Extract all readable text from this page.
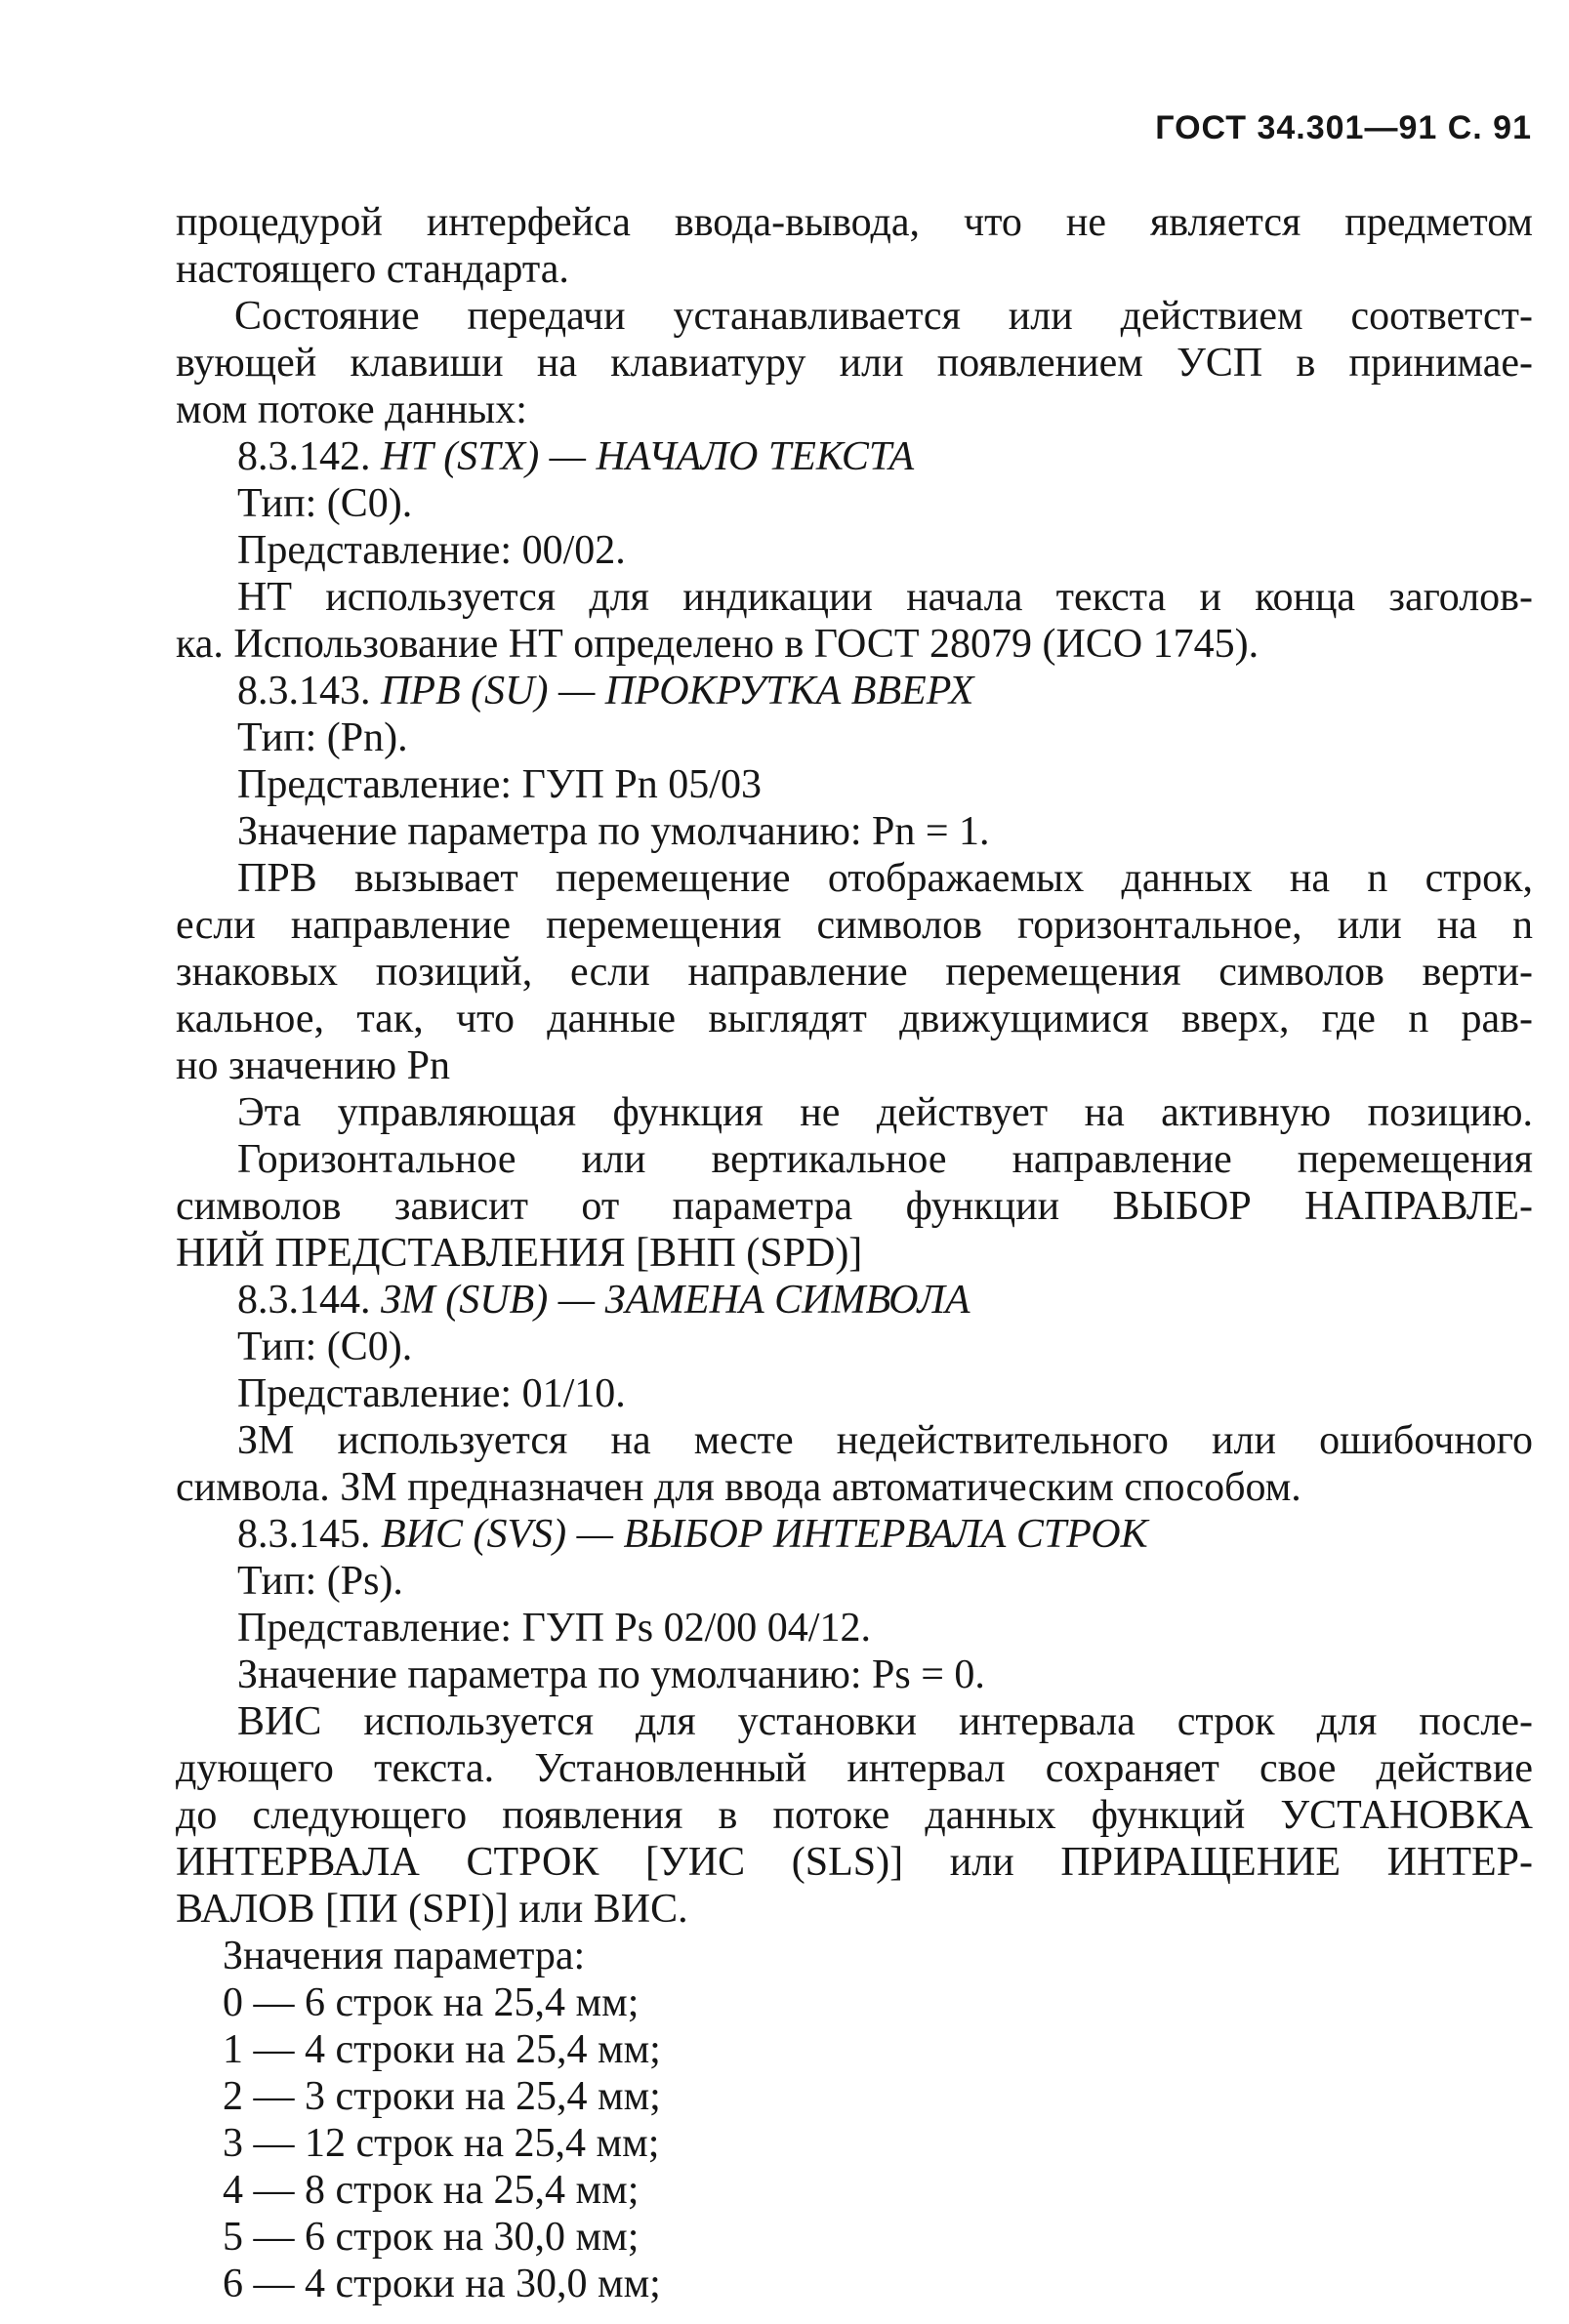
ГОСТ 34.301—91 С. 91
процедурой интерфейса ввода-вывода, что не является предметом
настоящего стандарта.
Состояние передачи устанавливается или действием соответст-
вующей клавиши на клавиатуру или появлением УСП в принимае-
мом потоке данных:
8.3.142. НТ (STX) — НАЧАЛО ТЕКСТА
Тип: (С0).
Представление: 00/02.
НТ используется для индикации начала текста и конца заголов-
ка. Использование НТ определено в ГОСТ 28079 (ИСО 1745).
8.3.143. ПРВ (SU) — ПРОКРУТКА ВВЕРХ
Тип: (Pn).
Представление: ГУП Pn 05/03
Значение параметра по умолчанию: Pn = 1.
ПРВ вызывает перемещение отображаемых данных на n строк,
если направление перемещения символов горизонтальное, или на n
знаковых позиций, если направление перемещения символов верти-
кальное, так, что данные выглядят движущимися вверх, где n рав-
но значению Pn
Эта управляющая функция не действует на активную позицию.
Горизонтальное или вертикальное направление перемещения
символов зависит от параметра функции ВЫБОР НАПРАВЛЕ-
НИЙ ПРЕДСТАВЛЕНИЯ [ВНП (SPD)]
8.3.144. ЗМ (SUB) — ЗАМЕНА СИМВОЛА
Тип: (С0).
Представление: 01/10.
ЗМ используется на месте недействительного или ошибочного
символа. ЗМ предназначен для ввода автоматическим способом.
8.3.145. ВИС (SVS) — ВЫБОР ИНТЕРВАЛА СТРОК
Тип: (Ps).
Представление: ГУП Ps 02/00 04/12.
Значение параметра по умолчанию: Ps = 0.
ВИС используется для установки интервала строк для после-
дующего текста. Установленный интервал сохраняет свое действие
до следующего появления в потоке данных функций УСТАНОВКА
ИНТЕРВАЛА СТРОК [УИС (SLS)] или ПРИРАЩЕНИЕ ИНТЕР-
ВАЛОВ [ПИ (SPI)] или ВИС.
Значения параметра:
0 — 6 строк на 25,4 мм;
1 — 4 строки на 25,4 мм;
2 — 3 строки на 25,4 мм;
3 — 12 строк на 25,4 мм;
4 — 8 строк на 25,4 мм;
5 — 6 строк на 30,0 мм;
6 — 4 строки на 30,0 мм;
